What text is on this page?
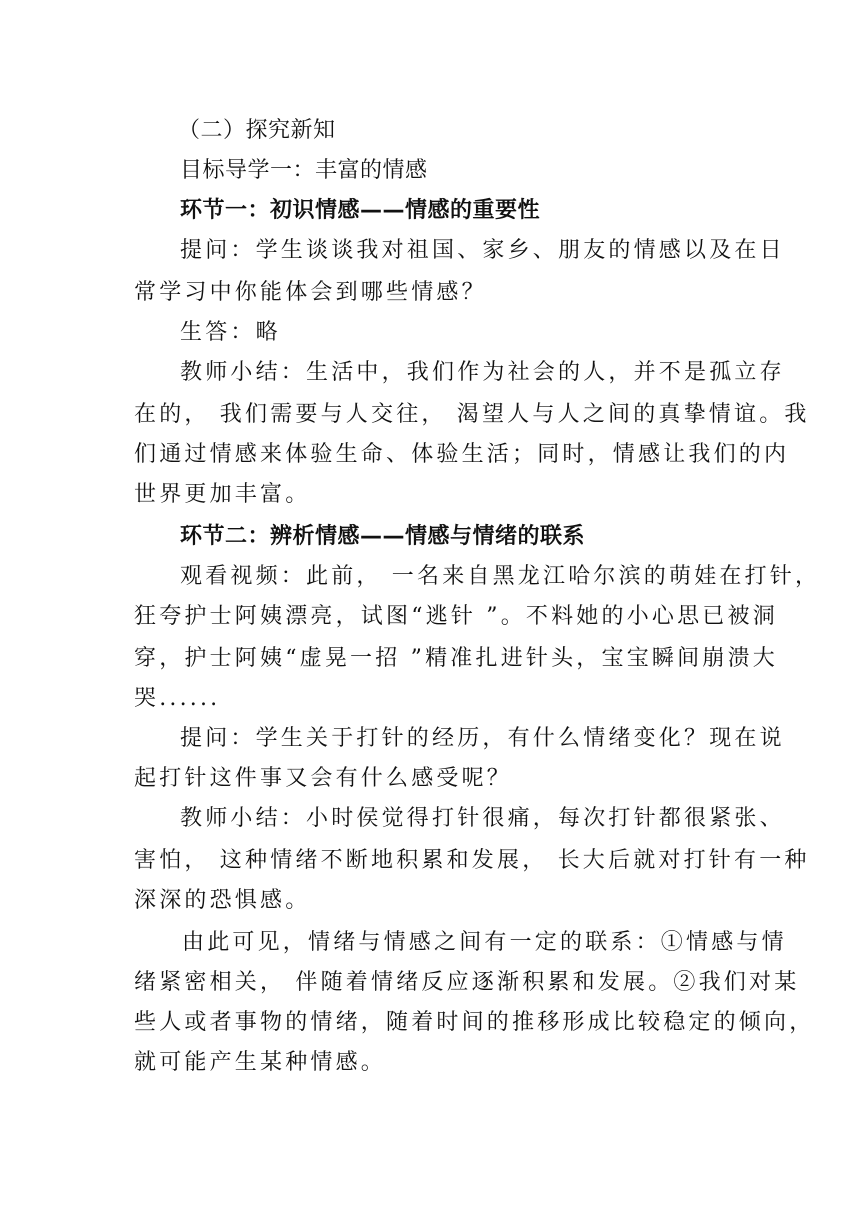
（二）探究新知
目标导学一：丰富的情感
环节一：初识情感——情感的重要性
提问：学生谈谈我对祖国、家乡、朋友的情感以及在日
常学习中你能体会到哪些情感？
生答：略
教师小结：生活中，我们作为社会的人，并不是孤立存
在的， 我们需要与人交往， 渴望人与人之间的真挚情谊。我
们通过情感来体验生命、体验生活；同时，情感让我们的内
世界更加丰富。
环节二：辨析情感——情感与情绪的联系
观看视频：此前， 一名来自黑龙江哈尔滨的萌娃在打针，
狂夸护士阿姨漂亮，试图“逃针 ”。不料她的小心思已被洞
穿，护士阿姨“虚晃一招 ”精准扎进针头，宝宝瞬间崩溃大
哭......
提问：学生关于打针的经历，有什么情绪变化？现在说
起打针这件事又会有什么感受呢？
教师小结：小时侯觉得打针很痛，每次打针都很紧张、
害怕， 这种情绪不断地积累和发展， 长大后就对打针有一种
深深的恐惧感。
由此可见，情绪与情感之间有一定的联系：①情感与情
绪紧密相关， 伴随着情绪反应逐渐积累和发展。②我们对某
些人或者事物的情绪，随着时间的推移形成比较稳定的倾向，
就可能产生某种情感。
